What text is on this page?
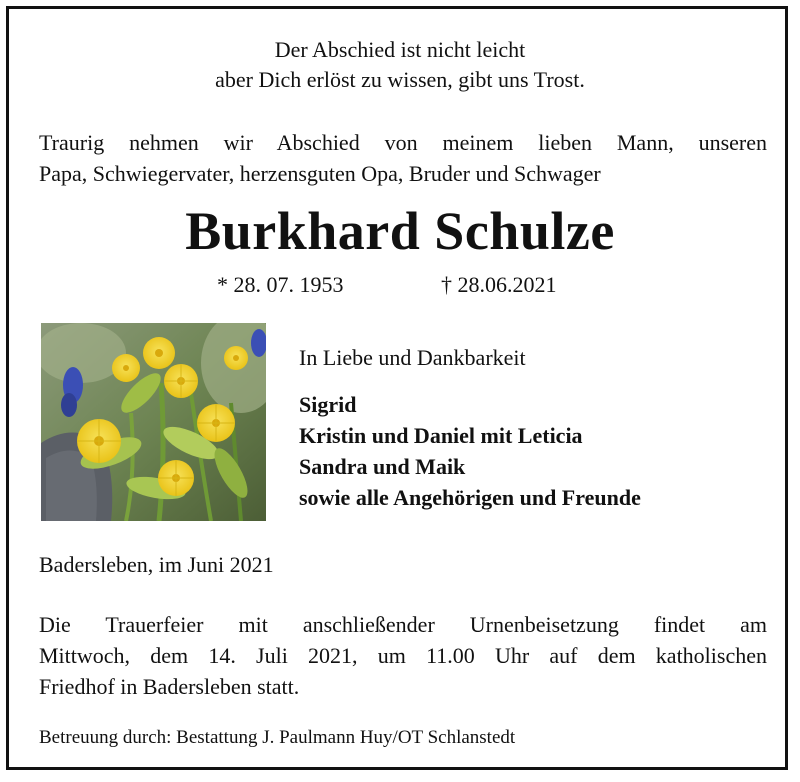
Der Abschied ist nicht leicht
aber Dich erlöst zu wissen, gibt uns Trost.
Traurig nehmen wir Abschied von meinem lieben Mann, unseren
Papa, Schwiegervater, herzensguten Opa, Bruder und Schwager
Burkhard Schulze
* 28. 07. 1953	† 28.06.2021
In Liebe und Dankbarkeit
Sigrid
Kristin und Daniel mit Leticia
Sandra und Maik
sowie alle Angehörigen und Freunde
Badersleben, im Juni 2021
Die Trauerfeier mit anschließender Urnenbeisetzung findet am
Mittwoch, dem 14. Juli 2021, um 11.00 Uhr auf dem katholischen
Friedhof in Badersleben statt.
Betreuung durch: Bestattung J. Paulmann Huy/OT Schlanstedt
